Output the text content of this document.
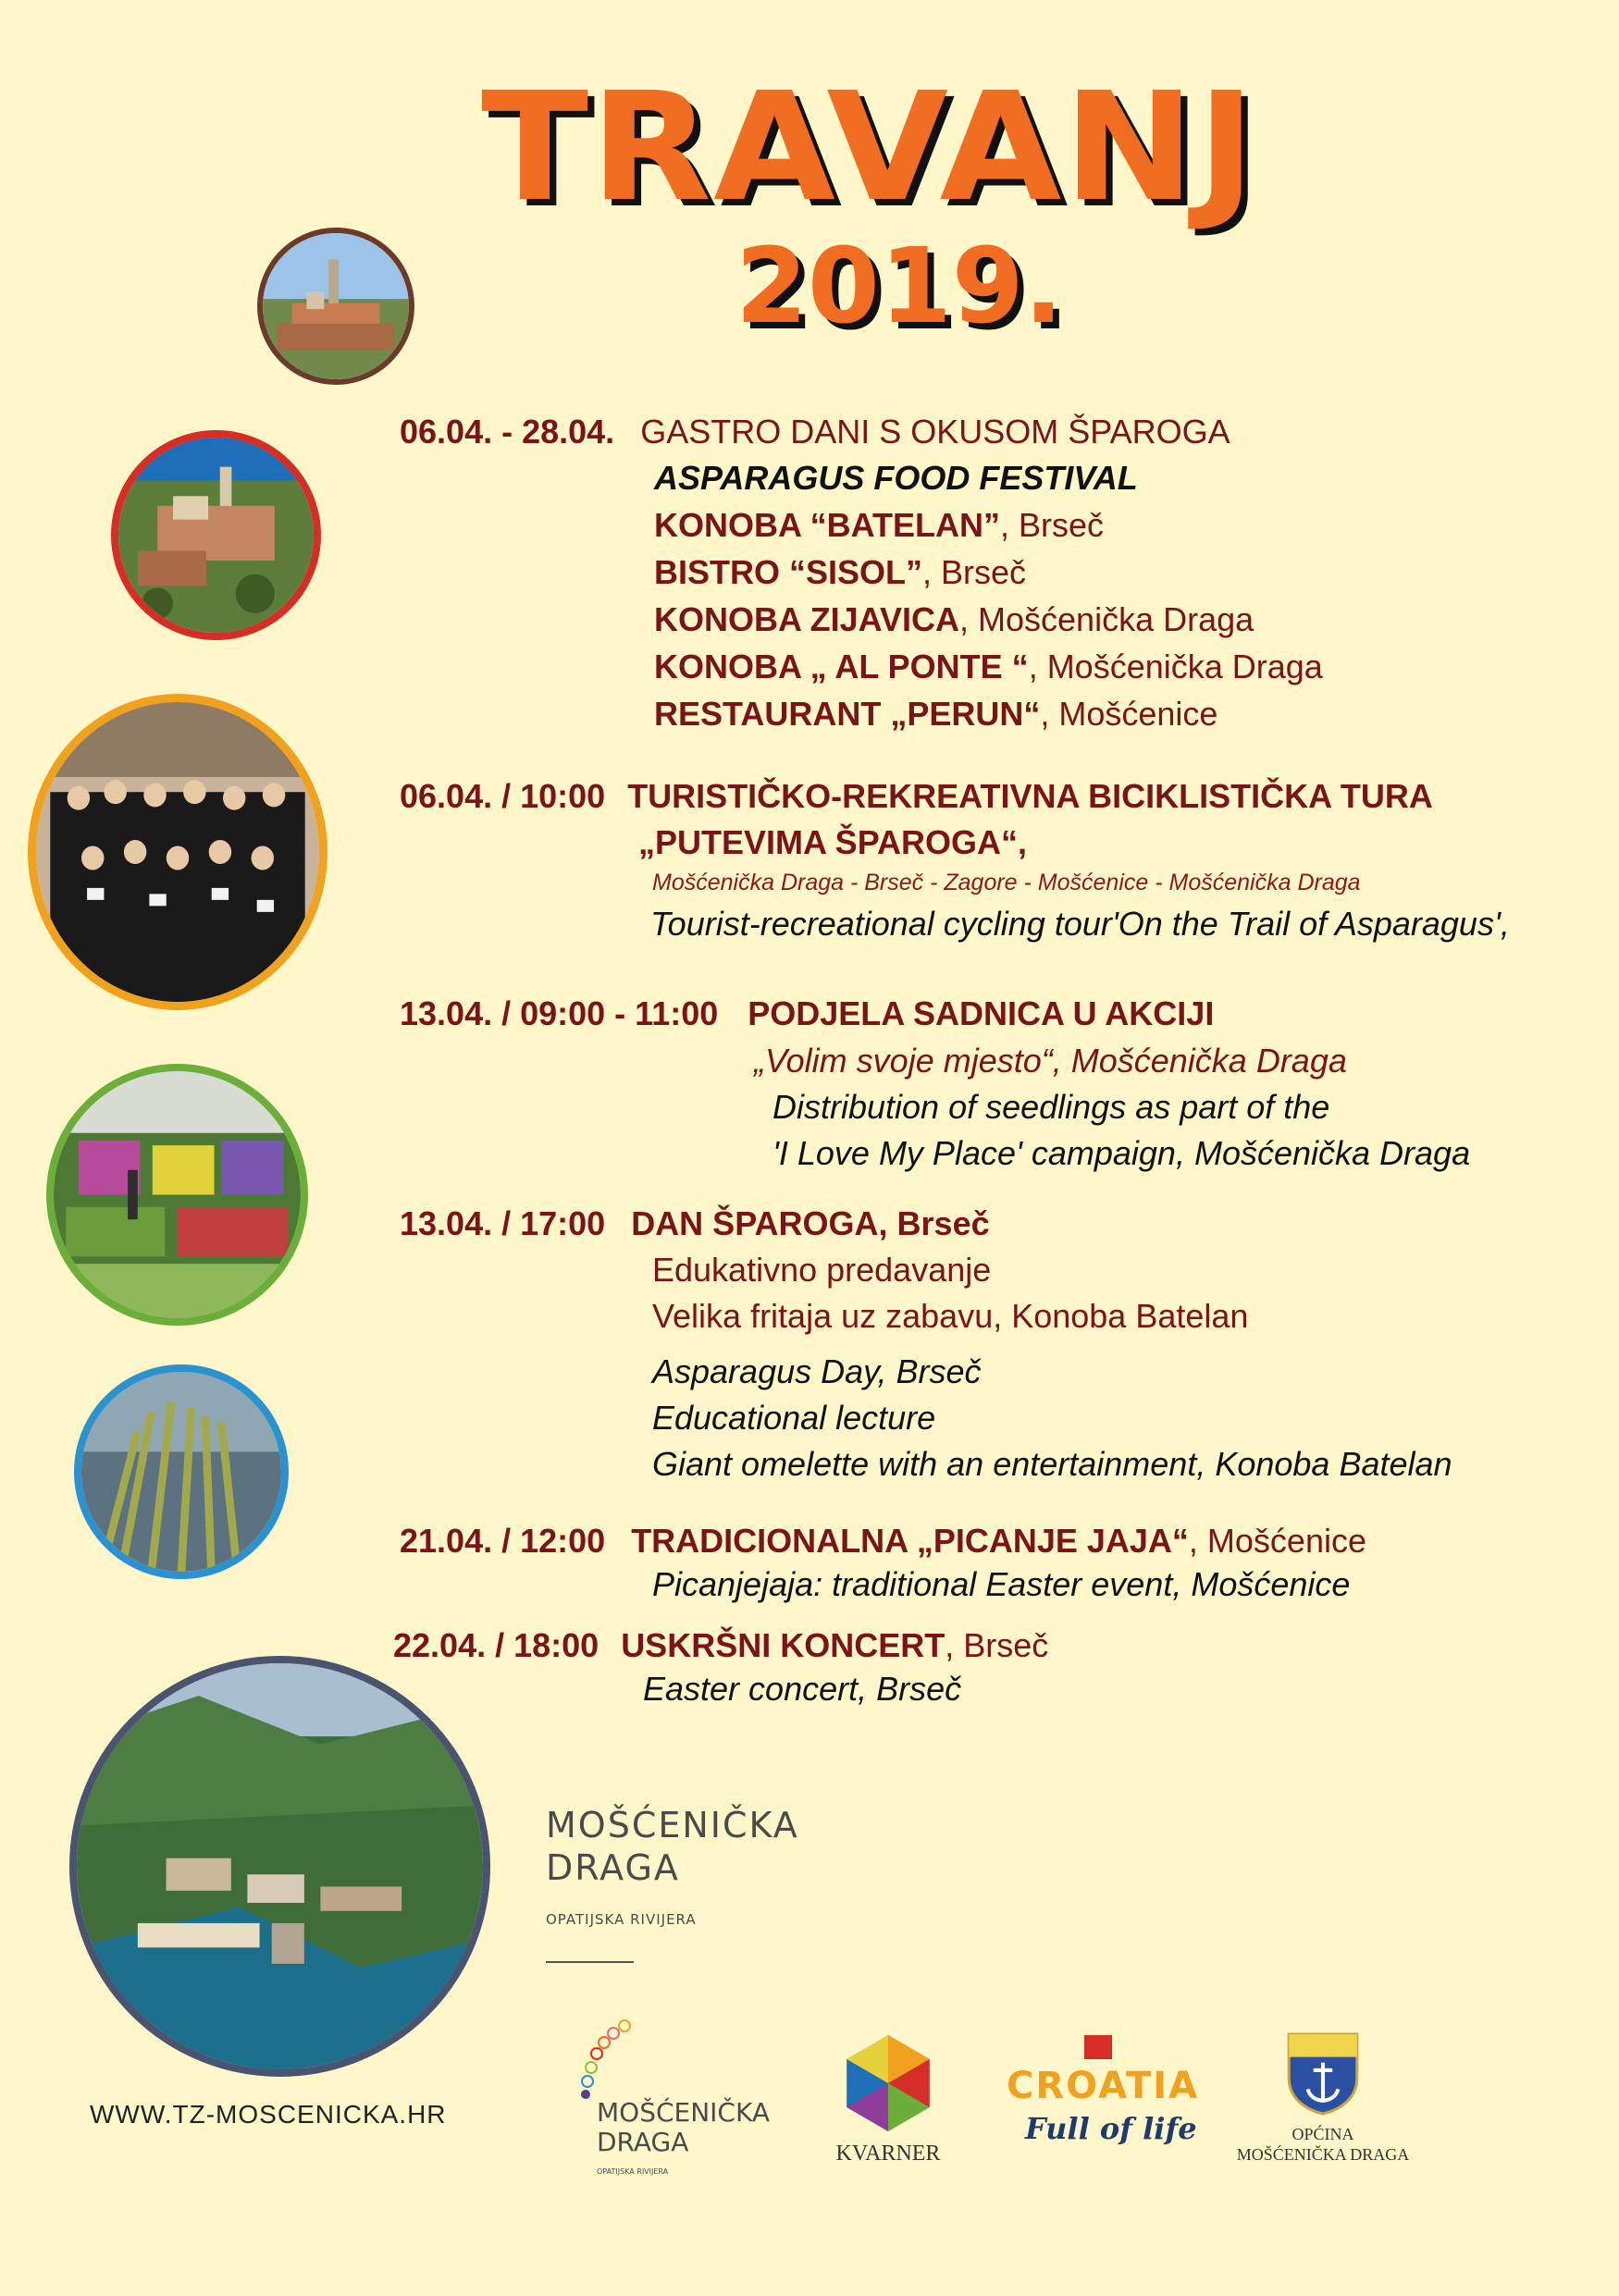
TRAVANJ
2019.
06.04. - 28.04. GASTRO DANI S OKUSOM ŠPAROGA
ASPARAGUS FOOD FESTIVAL
KONOBA “BATELAN”, Brseč
BISTRO “SISOL”, Brseč
KONOBA ZIJAVICA, Mošćenička Draga
KONOBA „ AL PONTE “, Mošćenička Draga
RESTAURANT „PERUN“, Mošćenice
06.04. / 10:00 TURISTIČKO-REKREATIVNA BICIKLISTIČKA TURA
„PUTEVIMA ŠPAROGA“,
Mošćenička Draga - Brseč - Zagore - Mošćenice - Mošćenička Draga
Tourist-recreational cycling tour'On the Trail of Asparagus',
13.04. / 09:00 - 11:00 PODJELA SADNICA U AKCIJI
„Volim svoje mjesto“, Mošćenička Draga
Distribution of seedlings as part of the
'I Love My Place' campaign, Mošćenička Draga
13.04. / 17:00 DAN ŠPAROGA, Brseč
Edukativno predavanje
Velika fritaja uz zabavu, Konoba Batelan
Asparagus Day, Brseč
Educational lecture
Giant omelette with an entertainment, Konoba Batelan
21.04. / 12:00 TRADICIONALNA „PICANJE JAJA“, Mošćenice
Picanjejaja: traditional Easter event, Mošćenice
22.04. / 18:00 USKRŠNI KONCERT, Brseč
Easter concert, Brseč
MOŠĆENIČKA
DRAGA
OPATIJSKA RIVIJERA
WWW.TZ-MOSCENICKA.HR	MOŠĆENIČKA
DRAGA
OPATIJSKA RIVIJERA
KVARNER
CROATIA
Full of life	OPĆINA
MOŠĆENIČKA DRAGA
